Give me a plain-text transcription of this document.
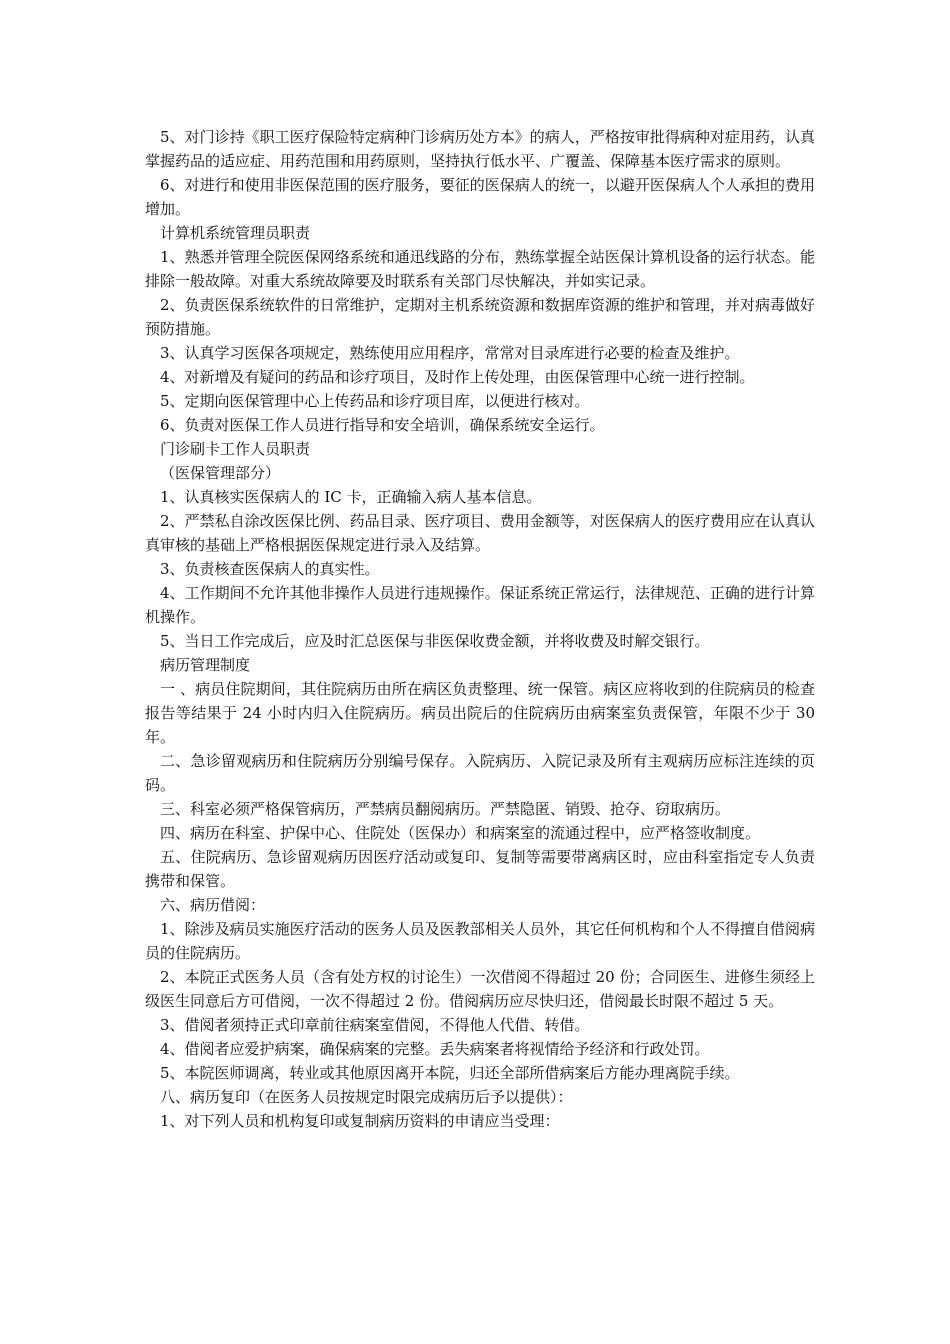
5、对门诊持《职工医疗保险特定病种门诊病历处方本》的病人，严格按审批得病种对症用药，认真掌握药品的适应症、用药范围和用药原则，坚持执行低水平、广覆盖、保障基本医疗需求的原则。

6、对进行和使用非医保范围的医疗服务，要征的医保病人的统一，以避开医保病人个人承担的费用增加。

计算机系统管理员职责

1、熟悉并管理全院医保网络系统和通迅线路的分布，熟练掌握全站医保计算机设备的运行状态。能排除一般故障。对重大系统故障要及时联系有关部门尽快解决，并如实记录。

2、负责医保系统软件的日常维护，定期对主机系统资源和数据库资源的维护和管理，并对病毒做好预防措施。

3、认真学习医保各项规定，熟练使用应用程序，常常对目录库进行必要的检查及维护。

4、对新增及有疑问的药品和诊疗项目，及时作上传处理，由医保管理中心统一进行控制。

5、定期向医保管理中心上传药品和诊疗项目库，以便进行核对。

6、负责对医保工作人员进行指导和安全培训，确保系统安全运行。

门诊刷卡工作人员职责

（医保管理部分）

1、认真核实医保病人的 IC 卡，正确输入病人基本信息。

2、严禁私自涂改医保比例、药品目录、医疗项目、费用金额等，对医保病人的医疗费用应在认真认真审核的基础上严格根据医保规定进行录入及结算。

3、负责核查医保病人的真实性。

4、工作期间不允许其他非操作人员进行违规操作。保证系统正常运行，法律规范、正确的进行计算机操作。

5、当日工作完成后，应及时汇总医保与非医保收费金额，并将收费及时解交银行。

病历管理制度

一 、病员住院期间，其住院病历由所在病区负责整理、统一保管。病区应将收到的住院病员的检查报告等结果于 24 小时内归入住院病历。病员出院后的住院病历由病案室负责保管，年限不少于 30 年。

二、急诊留观病历和住院病历分别编号保存。入院病历、入院记录及所有主观病历应标注连续的页码。

三、科室必须严格保管病历，严禁病员翻阅病历。严禁隐匿、销毁、抢夺、窃取病历。

四、病历在科室、护保中心、住院处（医保办）和病案室的流通过程中，应严格签收制度。

五、住院病历、急诊留观病历因医疗活动或复印、复制等需要带离病区时，应由科室指定专人负责携带和保管。

六、病历借阅：

1、除涉及病员实施医疗活动的医务人员及医教部相关人员外，其它任何机构和个人不得擅自借阅病员的住院病历。

2、本院正式医务人员（含有处方权的讨论生）一次借阅不得超过 20 份；合同医生、进修生须经上级医生同意后方可借阅，一次不得超过 2 份。借阅病历应尽快归还，借阅最长时限不超过 5 天。

3、借阅者须持正式印章前往病案室借阅，不得他人代借、转借。

4、借阅者应爱护病案，确保病案的完整。丢失病案者将视情给予经济和行政处罚。

5、本院医师调离，转业或其他原因离开本院，归还全部所借病案后方能办理离院手续。

八、病历复印（在医务人员按规定时限完成病历后予以提供）：

1、对下列人员和机构复印或复制病历资料的申请应当受理：
